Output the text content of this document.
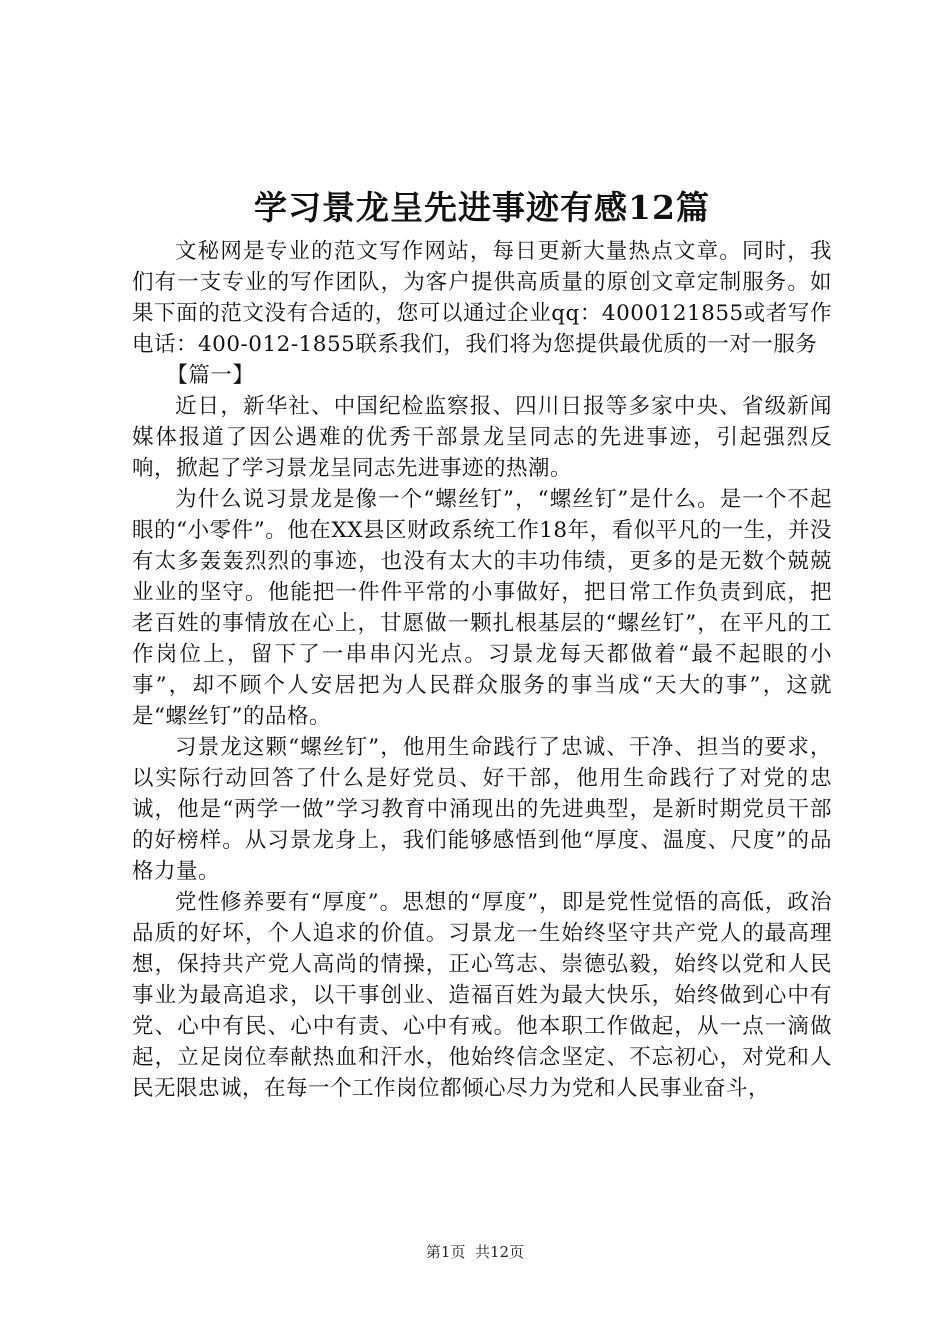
学习景龙呈先进事迹有感12篇

文秘网是专业的范文写作网站，每日更新大量热点文章。同时，我们有一支专业的写作团队，为客户提供高质量的原创文章定制服务。如果下面的范文没有合适的，您可以通过企业qq：4000121855或者写作电话：400-012-1855联系我们，我们将为您提供最优质的一对一服务

【篇一】

近日，新华社、中国纪检监察报、四川日报等多家中央、省级新闻媒体报道了因公遇难的优秀干部景龙呈同志的先进事迹，引起强烈反响，掀起了学习景龙呈同志先进事迹的热潮。

为什么说习景龙是像一个“螺丝钉”，“螺丝钉”是什么。是一个不起眼的“小零件”。他在XX县区财政系统工作18年，看似平凡的一生，并没有太多轰轰烈烈的事迹，也没有太大的丰功伟绩，更多的是无数个兢兢业业的坚守。他能把一件件平常的小事做好，把日常工作负责到底，把老百姓的事情放在心上，甘愿做一颗扎根基层的“螺丝钉”，在平凡的工作岗位上，留下了一串串闪光点。习景龙每天都做着“最不起眼的小事”，却不顾个人安居把为人民群众服务的事当成“天大的事”，这就是“螺丝钉”的品格。

习景龙这颗“螺丝钉”，他用生命践行了忠诚、干净、担当的要求，以实际行动回答了什么是好党员、好干部，他用生命践行了对党的忠诚，他是“两学一做”学习教育中涌现出的先进典型，是新时期党员干部的好榜样。从习景龙身上，我们能够感悟到他“厚度、温度、尺度”的品格力量。

党性修养要有“厚度”。思想的“厚度”，即是党性觉悟的高低，政治品质的好坏，个人追求的价值。习景龙一生始终坚守共产党人的最高理想，保持共产党人高尚的情操，正心笃志、崇德弘毅，始终以党和人民事业为最高追求，以干事创业、造福百姓为最大快乐，始终做到心中有党、心中有民、心中有责、心中有戒。他本职工作做起，从一点一滴做起，立足岗位奉献热血和汗水，他始终信念坚定、不忘初心，对党和人民无限忠诚，在每一个工作岗位都倾心尽力为党和人民事业奋斗，

第1页 共12页
